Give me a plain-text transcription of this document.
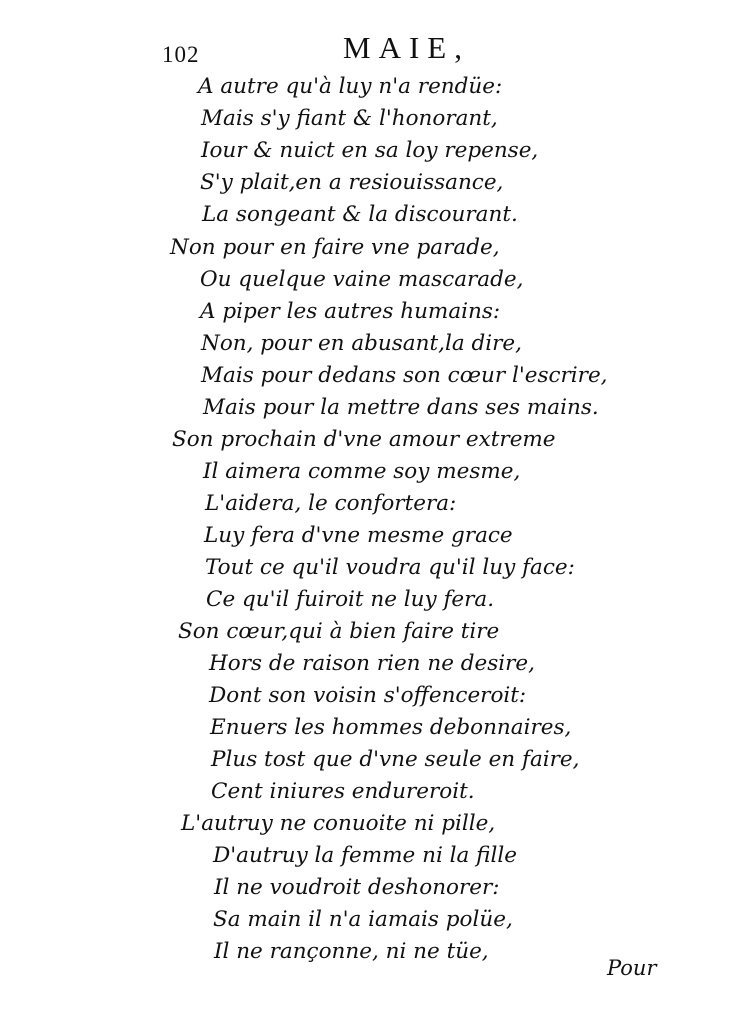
102	MAIE,
A autre qu'à luy n'a rendüe:
Mais s'y fiant & l'honorant,
Iour & nuict en sa loy repense,
S'y plait,en a resiouissance,
La songeant & la discourant.
Non pour en faire vne parade,
Ou quelque vaine mascarade,
A piper les autres humains:
Non, pour en abusant,la dire,
Mais pour dedans son cœur l'escrire,
Mais pour la mettre dans ses mains.
Son prochain d'vne amour extreme
Il aimera comme soy mesme,
L'aidera, le confortera:
Luy fera d'vne mesme grace
Tout ce qu'il voudra qu'il luy face:
Ce qu'il fuiroit ne luy fera.
Son cœur,qui à bien faire tire
Hors de raison rien ne desire,
Dont son voisin s'offenceroit:
Enuers les hommes debonnaires,
Plus tost que d'vne seule en faire,
Cent iniures endureroit.
L'autruy ne conuoite ni pille,
D'autruy la femme ni la fille
Il ne voudroit deshonorer:
Sa main il n'a iamais polüe,
Il ne rançonne, ni ne tüe,
Pour
